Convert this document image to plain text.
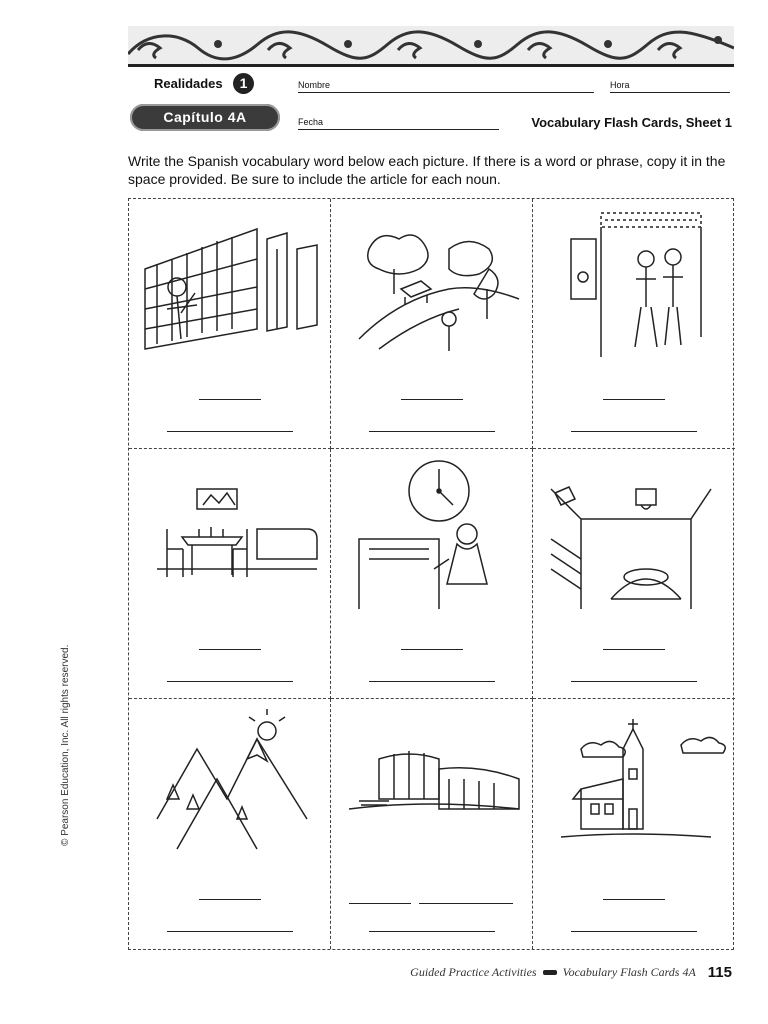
Realidades	1
Capítulo 4A
Nombre	Hora
Fecha	Vocabulary Flash Cards, Sheet 1
Write the Spanish vocabulary word below each picture. If there is a word or phrase, copy it in the space provided. Be sure to include the article for each noun.
© Pearson Education, Inc. All rights reserved.
Guided Practice Activities Vocabulary Flash Cards 4A 115
